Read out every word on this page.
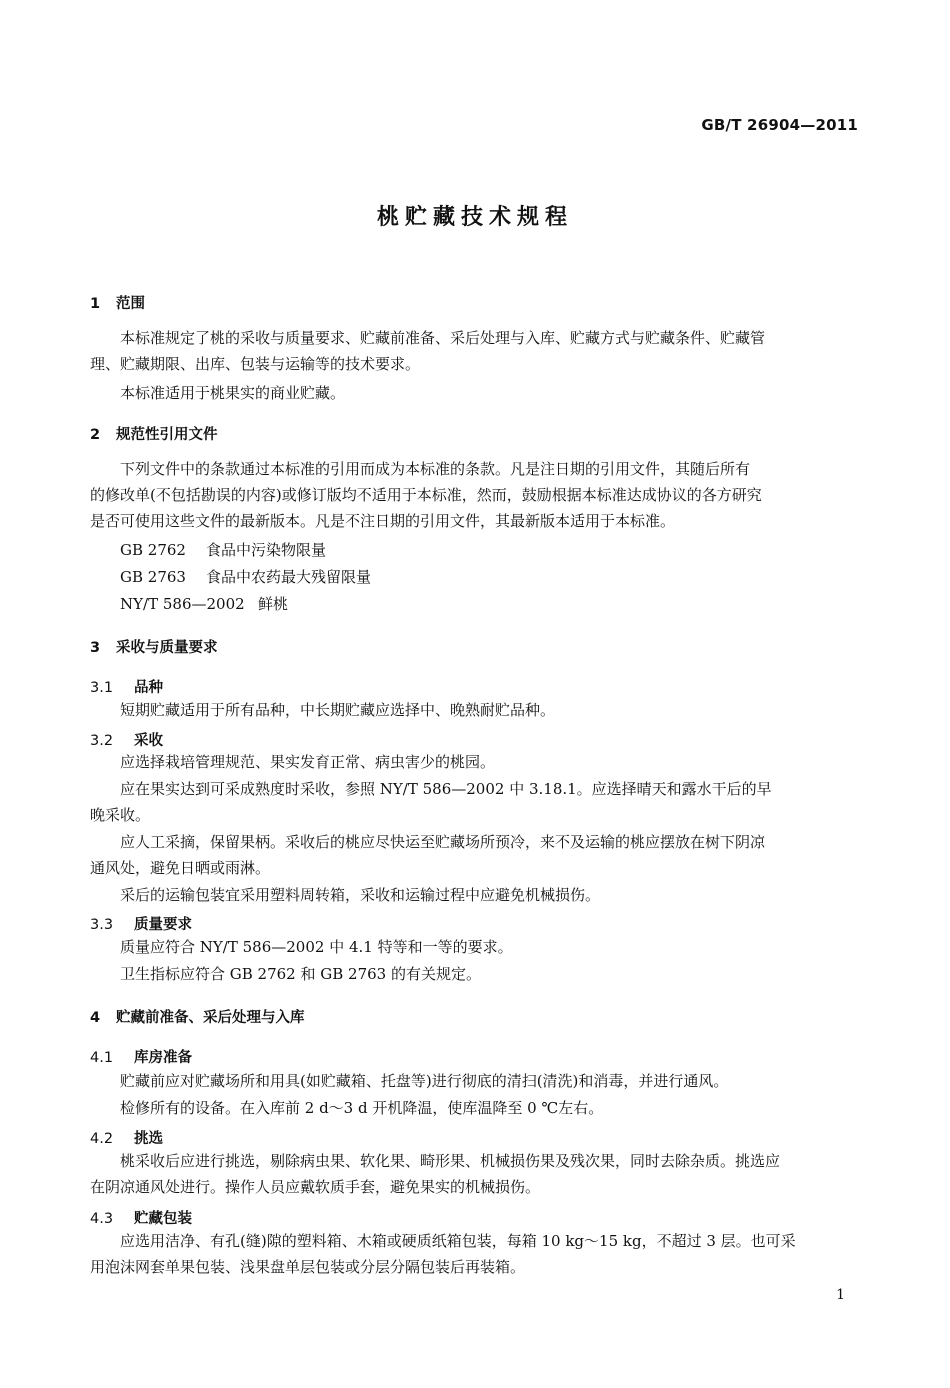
GB/T 26904—2011
桃贮藏技术规程
1 范围
本标准规定了桃的采收与质量要求、贮藏前准备、采后处理与入库、贮藏方式与贮藏条件、贮藏管
理、贮藏期限、出库、包装与运输等的技术要求。
本标准适用于桃果实的商业贮藏。
2 规范性引用文件
下列文件中的条款通过本标准的引用而成为本标准的条款。凡是注日期的引用文件，其随后所有
的修改单(不包括勘误的内容)或修订版均不适用于本标准，然而，鼓励根据本标准达成协议的各方研究
是否可使用这些文件的最新版本。凡是不注日期的引用文件，其最新版本适用于本标准。
GB 2762 食品中污染物限量
GB 2763 食品中农药最大残留限量
NY/T 586—2002 鲜桃
3 采收与质量要求
3.1 品种
短期贮藏适用于所有品种，中长期贮藏应选择中、晚熟耐贮品种。
3.2 采收
应选择栽培管理规范、果实发育正常、病虫害少的桃园。
应在果实达到可采成熟度时采收，参照 NY/T 586—2002 中 3.18.1。应选择晴天和露水干后的早
晚采收。
应人工采摘，保留果柄。采收后的桃应尽快运至贮藏场所预冷，来不及运输的桃应摆放在树下阴凉
通风处，避免日晒或雨淋。
采后的运输包装宜采用塑料周转箱，采收和运输过程中应避免机械损伤。
3.3 质量要求
质量应符合 NY/T 586—2002 中 4.1 特等和一等的要求。
卫生指标应符合 GB 2762 和 GB 2763 的有关规定。
4 贮藏前准备、采后处理与入库
4.1 库房准备
贮藏前应对贮藏场所和用具(如贮藏箱、托盘等)进行彻底的清扫(清洗)和消毒，并进行通风。
检修所有的设备。在入库前 2 d～3 d 开机降温，使库温降至 0 ℃左右。
4.2 挑选
桃采收后应进行挑选，剔除病虫果、软化果、畸形果、机械损伤果及残次果，同时去除杂质。挑选应
在阴凉通风处进行。操作人员应戴软质手套，避免果实的机械损伤。
4.3 贮藏包装
应选用洁净、有孔(缝)隙的塑料箱、木箱或硬质纸箱包装，每箱 10 kg～15 kg，不超过 3 层。也可采
用泡沫网套单果包装、浅果盘单层包装或分层分隔包装后再装箱。
1
